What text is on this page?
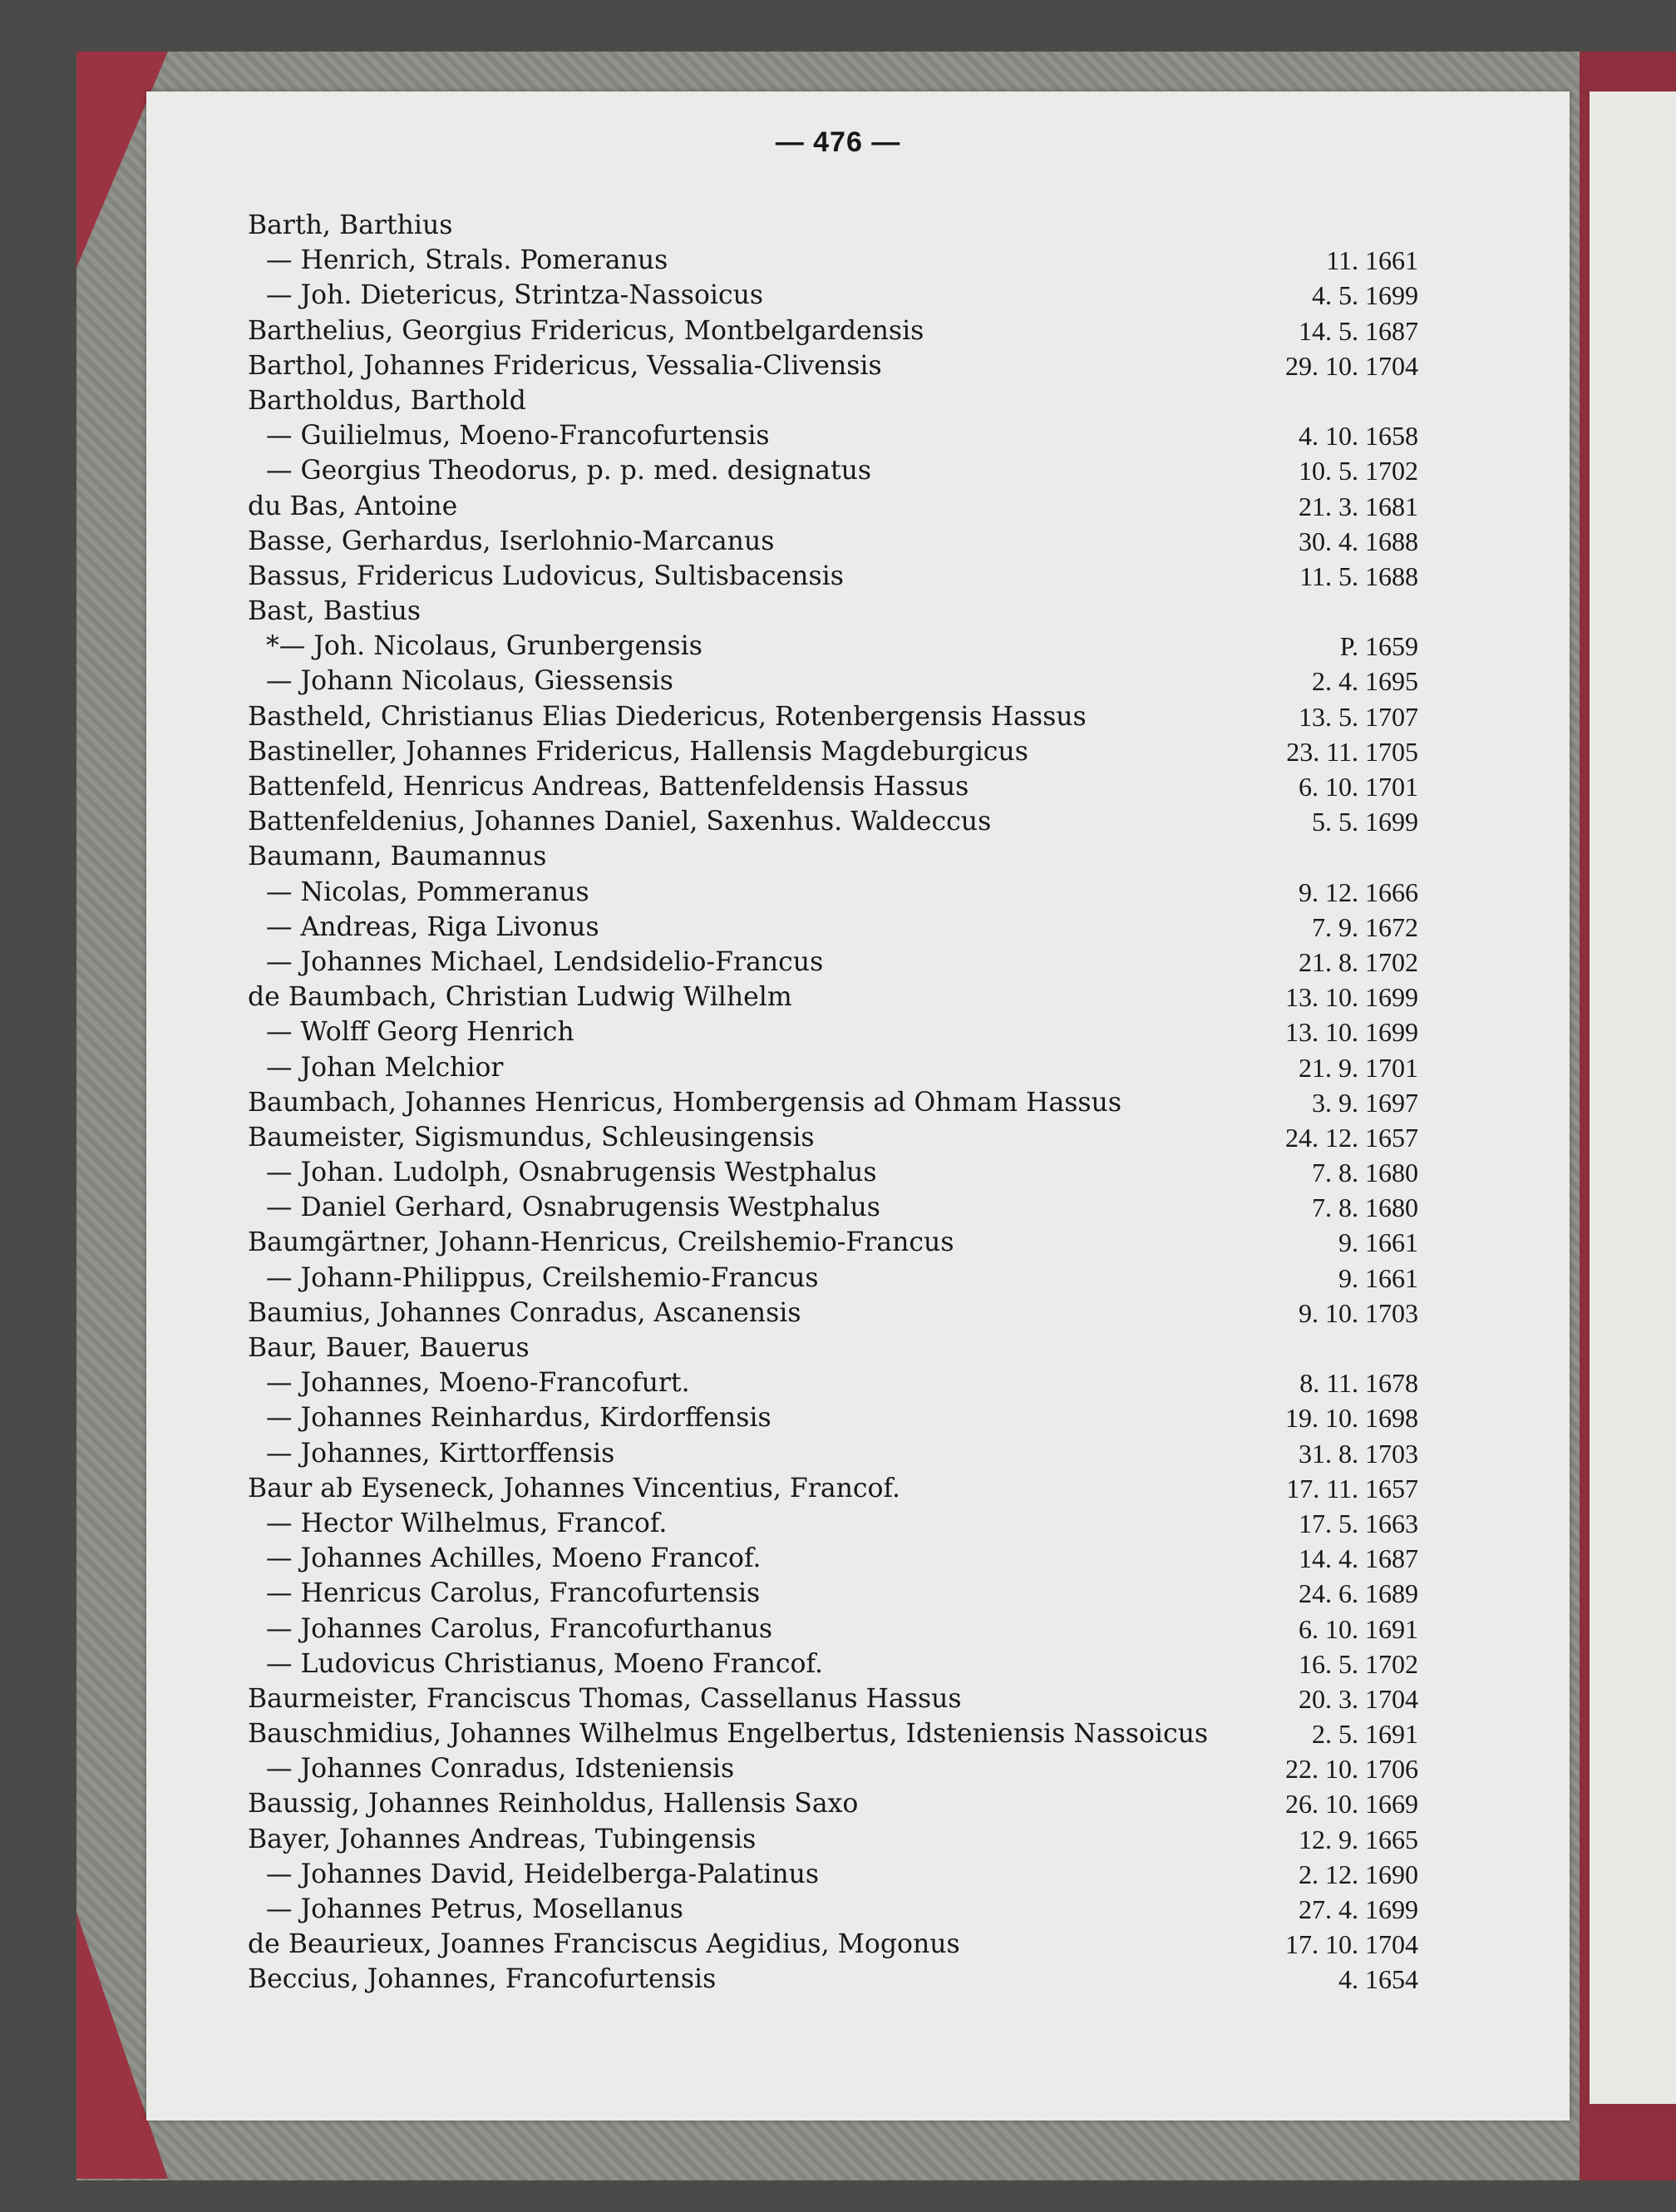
— 476 —
Barth, Barthius
— Henrich, Strals. Pomeranus	11. 1661
— Joh. Dietericus, Strintza-Nassoicus	4. 5. 1699
Barthelius, Georgius Fridericus, Montbelgardensis	14. 5. 1687
Barthol, Johannes Fridericus, Vessalia-Clivensis	29. 10. 1704
Bartholdus, Barthold
— Guilielmus, Moeno-Francofurtensis	4. 10. 1658
— Georgius Theodorus, p. p. med. designatus	10. 5. 1702
du Bas, Antoine	21. 3. 1681
Basse, Gerhardus, Iserlohnio-Marcanus	30. 4. 1688
Bassus, Fridericus Ludovicus, Sultisbacensis	11. 5. 1688
Bast, Bastius
*— Joh. Nicolaus, Grunbergensis	P. 1659
— Johann Nicolaus, Giessensis	2. 4. 1695
Bastheld, Christianus Elias Diedericus, Rotenbergensis Hassus	13. 5. 1707
Bastineller, Johannes Fridericus, Hallensis Magdeburgicus	23. 11. 1705
Battenfeld, Henricus Andreas, Battenfeldensis Hassus	6. 10. 1701
Battenfeldenius, Johannes Daniel, Saxenhus. Waldeccus	5. 5. 1699
Baumann, Baumannus
— Nicolas, Pommeranus	9. 12. 1666
— Andreas, Riga Livonus	7. 9. 1672
— Johannes Michael, Lendsidelio-Francus	21. 8. 1702
de Baumbach, Christian Ludwig Wilhelm	13. 10. 1699
— Wolff Georg Henrich	13. 10. 1699
— Johan Melchior	21. 9. 1701
Baumbach, Johannes Henricus, Hombergensis ad Ohmam Hassus	3. 9. 1697
Baumeister, Sigismundus, Schleusingensis	24. 12. 1657
— Johan. Ludolph, Osnabrugensis Westphalus	7. 8. 1680
— Daniel Gerhard, Osnabrugensis Westphalus	7. 8. 1680
Baumgärtner, Johann-Henricus, Creilshemio-Francus	9. 1661
— Johann-Philippus, Creilshemio-Francus	9. 1661
Baumius, Johannes Conradus, Ascanensis	9. 10. 1703
Baur, Bauer, Bauerus
— Johannes, Moeno-Francofurt.	8. 11. 1678
— Johannes Reinhardus, Kirdorffensis	19. 10. 1698
— Johannes, Kirttorffensis	31. 8. 1703
Baur ab Eyseneck, Johannes Vincentius, Francof.	17. 11. 1657
— Hector Wilhelmus, Francof.	17. 5. 1663
— Johannes Achilles, Moeno Francof.	14. 4. 1687
— Henricus Carolus, Francofurtensis	24. 6. 1689
— Johannes Carolus, Francofurthanus	6. 10. 1691
— Ludovicus Christianus, Moeno Francof.	16. 5. 1702
Baurmeister, Franciscus Thomas, Cassellanus Hassus	20. 3. 1704
Bauschmidius, Johannes Wilhelmus Engelbertus, Idsteniensis Nassoicus	2. 5. 1691
— Johannes Conradus, Idsteniensis	22. 10. 1706
Baussig, Johannes Reinholdus, Hallensis Saxo	26. 10. 1669
Bayer, Johannes Andreas, Tubingensis	12. 9. 1665
— Johannes David, Heidelberga-Palatinus	2. 12. 1690
— Johannes Petrus, Mosellanus	27. 4. 1699
de Beaurieux, Joannes Franciscus Aegidius, Mogonus	17. 10. 1704
Beccius, Johannes, Francofurtensis	4. 1654
